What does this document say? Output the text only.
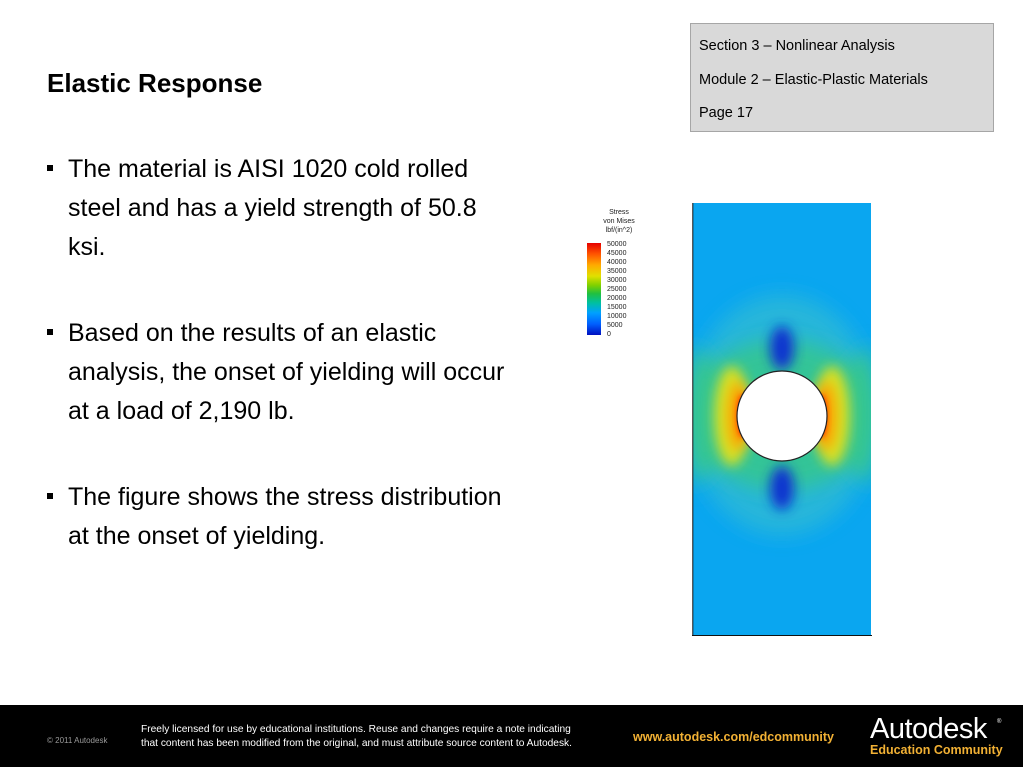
Elastic Response
Section 3 – Nonlinear Analysis
Module 2 – Elastic-Plastic Materials
Page 17
The material is AISI 1020 cold rolled steel and has a yield strength of 50.8 ksi.
Based on the results of an elastic analysis, the onset of yielding will occur at a load of 2,190 lb.
The figure shows the stress distribution at the onset of yielding.
Stress
von Mises
lbf/(in^2)
50000
45000
40000
35000
30000
25000
20000
15000
10000
5000
0
© 2011 Autodesk
Freely licensed for use by educational institutions. Reuse and changes require a note indicating
that content has been modified from the original, and must attribute source content to Autodesk.	www.autodesk.com/edcommunity Autodesk ®
Education Community
